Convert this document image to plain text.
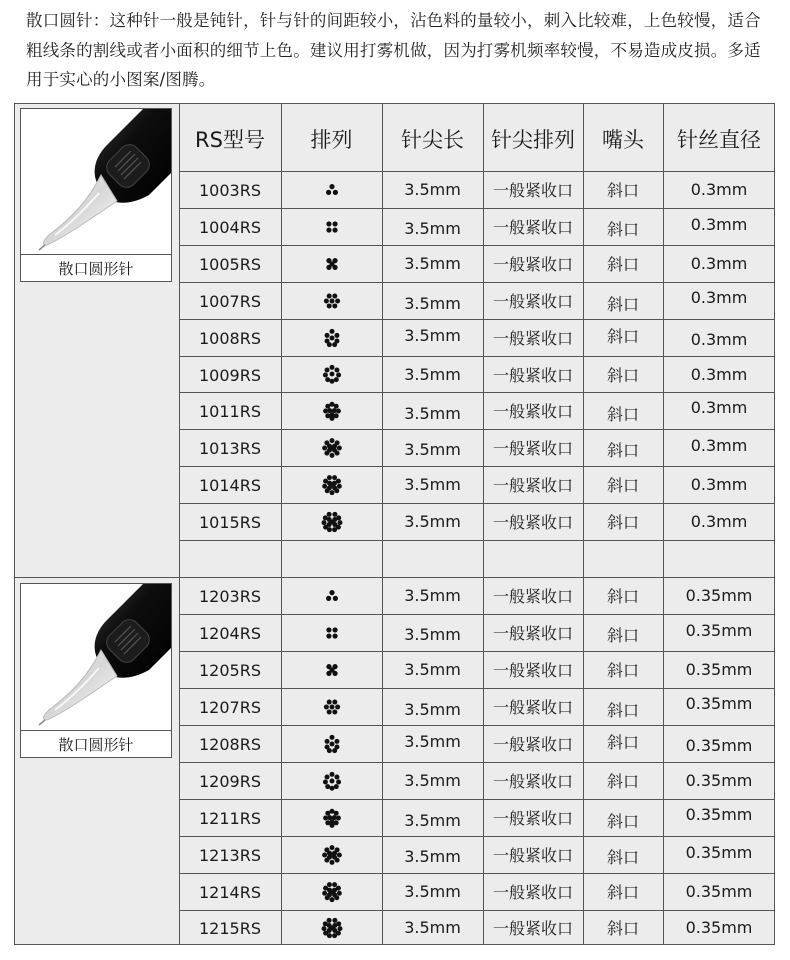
散口圆针：这种针一般是钝针，针与针的间距较小，沾色料的量较小，刺入比较难，上色较慢，适合粗线条的割线或者小面积的细节上色。建议用打雾机做，因为打雾机频率较慢，不易造成皮损。多适用于实心的小图案/图腾。
散口圆形针
散口圆形针
RS型号	排列	针尖长	针尖排列	嘴头	针丝直径
1003RS	3.5mm	一般紧收口	斜口	0.3mm
1004RS	3.5mm	一般紧收口	斜口	0.3mm
1005RS	3.5mm	一般紧收口	斜口	0.3mm
1007RS	3.5mm	一般紧收口	斜口	0.3mm
1008RS	3.5mm	一般紧收口	斜口	0.3mm
1009RS	3.5mm	一般紧收口	斜口	0.3mm
1011RS	3.5mm	一般紧收口	斜口	0.3mm
1013RS	3.5mm	一般紧收口	斜口	0.3mm
1014RS	3.5mm	一般紧收口	斜口	0.3mm
1015RS	3.5mm	一般紧收口	斜口	0.3mm
1203RS	3.5mm	一般紧收口	斜口	0.35mm
1204RS	3.5mm	一般紧收口	斜口	0.35mm
1205RS	3.5mm	一般紧收口	斜口	0.35mm
1207RS	3.5mm	一般紧收口	斜口	0.35mm
1208RS	3.5mm	一般紧收口	斜口	0.35mm
1209RS	3.5mm	一般紧收口	斜口	0.35mm
1211RS	3.5mm	一般紧收口	斜口	0.35mm
1213RS	3.5mm	一般紧收口	斜口	0.35mm
1214RS	3.5mm	一般紧收口	斜口	0.35mm
1215RS	3.5mm	一般紧收口	斜口	0.35mm
